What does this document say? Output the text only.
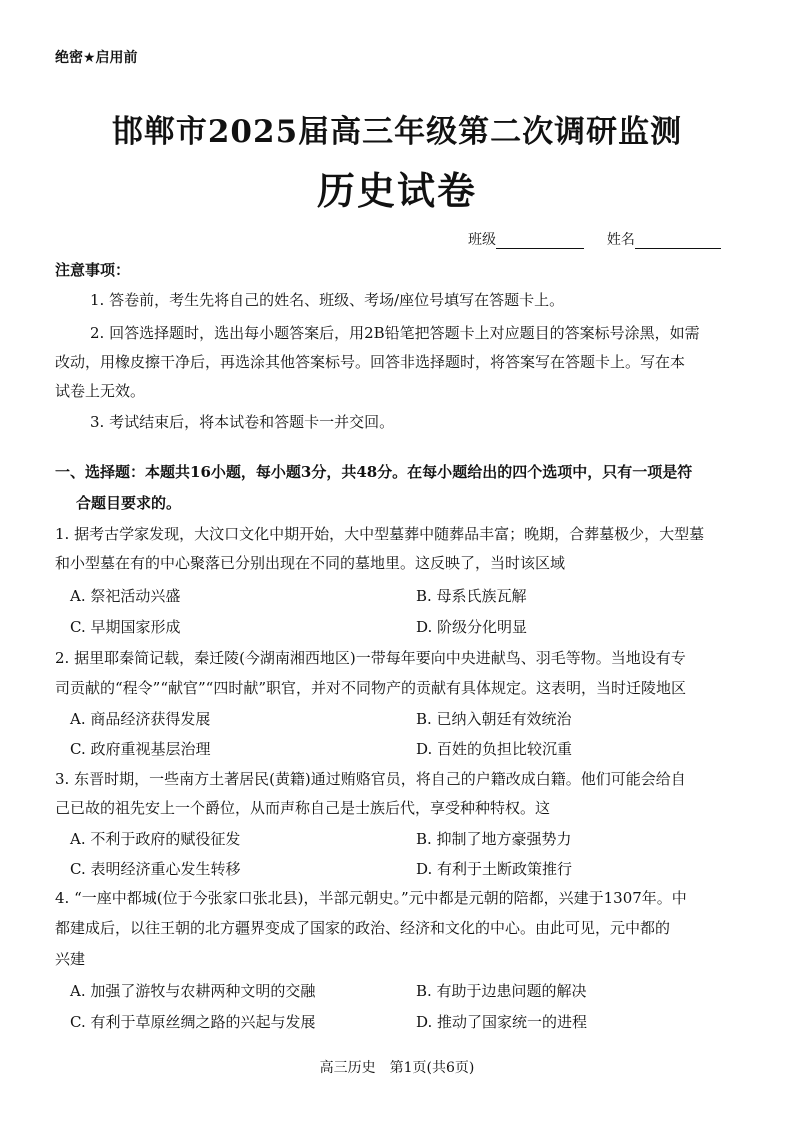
绝密★启用前
邯郸市2025届高三年级第二次调研监测
历史试卷
班级	姓名
注意事项：
1. 答卷前，考生先将自己的姓名、班级、考场/座位号填写在答题卡上。
2. 回答选择题时，选出每小题答案后，用2B铅笔把答题卡上对应题目的答案标号涂黑，如需
改动，用橡皮擦干净后，再选涂其他答案标号。回答非选择题时，将答案写在答题卡上。写在本
试卷上无效。
3. 考试结束后，将本试卷和答题卡一并交回。
一、选择题：本题共16小题，每小题3分，共48分。在每小题给出的四个选项中，只有一项是符
合题目要求的。
1. 据考古学家发现，大汶口文化中期开始，大中型墓葬中随葬品丰富；晚期，合葬墓极少，大型墓
和小型墓在有的中心聚落已分别出现在不同的墓地里。这反映了，当时该区域
A. 祭祀活动兴盛	B. 母系氏族瓦解
C. 早期国家形成	D. 阶级分化明显
2. 据里耶秦简记载，秦迁陵(今湖南湘西地区)一带每年要向中央进献鸟、羽毛等物。当地设有专
司贡献的“程令”“献官”“四时献”职官，并对不同物产的贡献有具体规定。这表明，当时迁陵地区
A. 商品经济获得发展	B. 已纳入朝廷有效统治
C. 政府重视基层治理	D. 百姓的负担比较沉重
3. 东晋时期，一些南方土著居民(黄籍)通过贿赂官员，将自己的户籍改成白籍。他们可能会给自
己已故的祖先安上一个爵位，从而声称自己是士族后代，享受种种特权。这
A. 不利于政府的赋役征发	B. 抑制了地方豪强势力
C. 表明经济重心发生转移	D. 有利于土断政策推行
4. “一座中都城(位于今张家口张北县)，半部元朝史。”元中都是元朝的陪都，兴建于1307年。中
都建成后，以往王朝的北方疆界变成了国家的政治、经济和文化的中心。由此可见，元中都的
兴建
A. 加强了游牧与农耕两种文明的交融	B. 有助于边患问题的解决
C. 有利于草原丝绸之路的兴起与发展	D. 推动了国家统一的进程
高三历史　第1页(共6页)
